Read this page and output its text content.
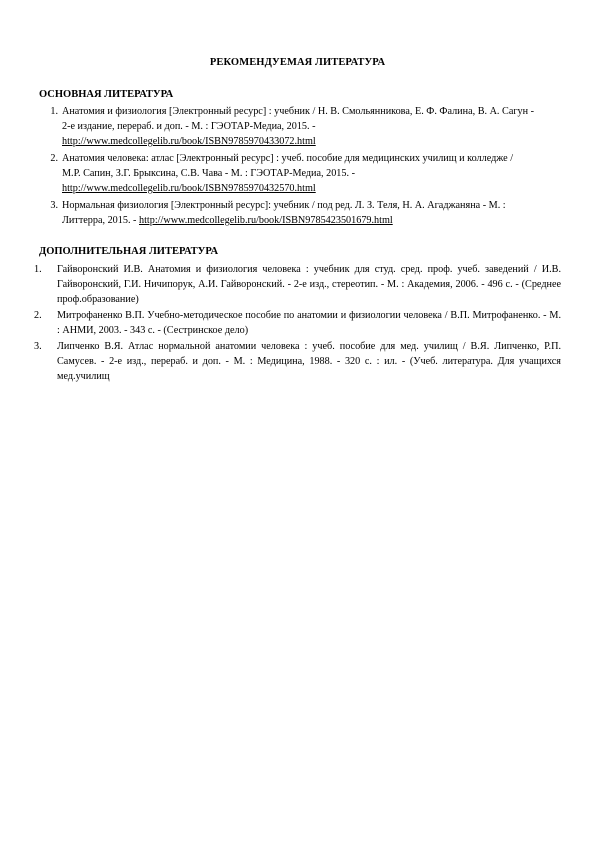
РЕКОМЕНДУЕМАЯ ЛИТЕРАТУРА
ОСНОВНАЯ ЛИТЕРАТУРА
1. Анатомия и физиология [Электронный ресурс] : учебник / Н. В. Смольянникова, Е. Ф. Фалина, В. А. Сагун - 2-е издание, перераб. и доп. - М. : ГЭОТАР-Медиа, 2015. - http://www.medcollegelib.ru/book/ISBN9785970433072.html
2. Анатомия человека: атлас [Электронный ресурс] : учеб. пособие для медицинских училищ и колледже / М.Р. Сапин, З.Г. Брыксина, С.В. Чава - М. : ГЭОТАР-Медиа, 2015. - http://www.medcollegelib.ru/book/ISBN9785970432570.html
3. Нормальная физиология [Электронный ресурс]: учебник / под ред. Л. З. Теля, Н. А. Агаджаняна - М. : Литтерра, 2015. - http://www.medcollegelib.ru/book/ISBN9785423501679.html
ДОПОЛНИТЕЛЬНАЯ ЛИТЕРАТУРА
1.	Гайворонский И.В. Анатомия и физиология человека : учебник для студ. сред. проф. учеб. заведений / И.В. Гайворонский, Г.И. Ничипорук, А.И. Гайворонский. - 2-е изд., стереотип. - М. : Академия, 2006. - 496 с. - (Среднее проф.образование)
2.	Митрофаненко В.П. Учебно-методическое пособие по анатомии и физиологии человека / В.П. Митрофаненко. - М. : АНМИ, 2003. - 343 с. - (Сестринское дело)
3.	Липченко В.Я. Атлас нормальной анатомии человека : учеб. пособие для мед. училищ / В.Я. Липченко, Р.П. Самусев. - 2-е изд., перераб. и доп. - М. : Медицина, 1988. - 320 с. : ил. - (Учеб. литература. Для учащихся мед.училищ
